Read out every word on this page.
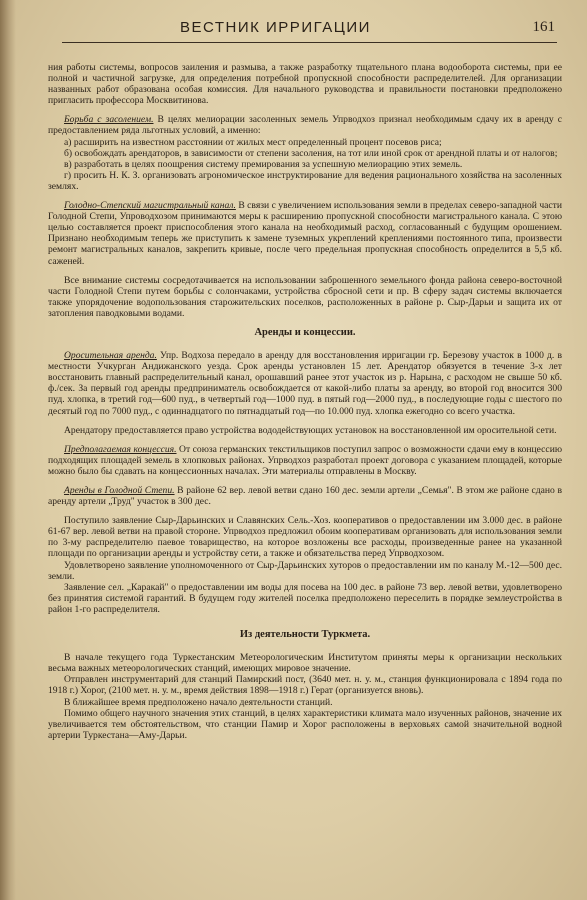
ВЕСТНИК ИРРИГАЦИИ	161

ния работы системы, вопросов заиления и размыва, а также разработку тщательного плана водооборота системы, при ее полной и частичной загрузке, для определения потребной пропускной способности распределителей. Для организации названных работ образована особая комиссия. Для начального руководства и правильности постановки предположено пригласить профессора Москвитинова.

Борьба с засолением. В целях мелиорации засоленных земель Упрводхоз признал необходимым сдачу их в аренду с предоставлением ряда льготных условий, а именно:

а) расширить на известном расстоянии от жилых мест определенный процент посевов риса;

б) освобождать арендаторов, в зависимости от степени засоления, на тот или иной срок от арендной платы и от налогов;

в) разработать в целях поощрения систему премирования за успешную мелиорацию этих земель.

г) просить Н. К. З. организовать агрономическое инструктирование для ведения рационального хозяйства на засоленных землях.

Голодно-Степский магистральный канал. В связи с увеличением использования земли в пределах северо-западной части Голодной Степи, Упроводхозом принимаются меры к расширению пропускной способности магистрального канала. С этою целью составляется проект приспособления этого канала на необходимый расход, согласованный с будущим орошением. Признано необходимым теперь же приступить к замене туземных укреплений креплениями постоянного типа, произвести ремонт магистральных каналов, закрепить кривые, после чего предельная пропускная способность определится в 5,5 кб. саженей.

Все внимание системы сосредотачивается на использовании заброшенного земельного фонда района северо-восточной части Голодной Степи путем борьбы с солончаками, устройства сбросной сети и пр. В сферу задач системы включается также упорядочение водопользования старожительских поселков, расположенных в районе р. Сыр-Дарьи и защита их от затопления паводковыми водами.

Аренды и концессии.

Оросительная аренда. Упр. Водхоза передало в аренду для восстановления ирригации гр. Березову участок в 1000 д. в местности Учкурган Андижанского уезда. Срок аренды установлен 15 лет. Арендатор обязуется в течение 3-х лет восстановить главный распределительный канал, орошавший ранее этот участок из р. Нарына, с расходом не свыше 50 кб. ф./сек. За первый год аренды предприниматель освобождается от какой-либо платы за аренду, во второй год вносится 300 пуд. хлопка, в третий год—600 пуд., в четвертый год—1000 пуд. в пятый год—2000 пуд., в последующие годы с шестого по десятый год по 7000 пуд., с одиннадцатого по пятнадцатый год—по 10.000 пуд. хлопка ежегодно со всего участка.

Арендатору предоставляется право устройства вододействующих установок на восстановленной им оросительной сети.

Предполагаемая концессия. От союза германских текстильщиков поступил запрос о возможности сдачи ему в концессию подходящих площадей земель в хлопковых районах. Упрводхоз разработал проект договора с указанием площадей, которые можно было бы сдавать на концессионных началах. Эти материалы отправлены в Москву.

Аренды в Голодной Степи. В районе 62 вер. левой ветви сдано 160 дес. земли артели „Семья". В этом же районе сдано в аренду артели „Труд" участок в 300 дес.

Поступило заявление Сыр-Дарьинских и Славянских Сель.-Хоз. кооперативов о предоставлении им 3.000 дес. в районе 61-67 вер. левой ветви на правой стороне. Упрводхоз предложил обоим кооперативам организовать для использования земли по 3-му распределителю паевое товарищество, на которое возложены все расходы, произведенные ранее на указанной площади по организации аренды и устройству сети, а также и обязательства перед Упрводхозом.

Удовлетворено заявление уполномоченного от Сыр-Дарьинских хуторов о предоставлении им по каналу М.-12—500 дес. земли.

Заявление сел. „Каракай" о предоставлении им воды для посева на 100 дес. в районе 73 вер. левой ветви, удовлетворено без принятия системой гарантий. В будущем году жителей поселка предположено переселить в порядке землеустройства в район 1-го распределителя.

Из деятельности Туркмета.

В начале текущего года Туркестанским Метеорологическим Институтом приняты меры к организации нескольких весьма важных метеорологических станций, имеющих мировое значение.

Отправлен инструментарий для станций Памирский пост, (3640 мет. н. у. м., станция функционировала с 1894 года по 1918 г.) Хорог, (2100 мет. н. у. м., время действия 1898—1918 г.) Герат (организуется вновь).

В ближайшее время предположено начало деятельности станций.

Помимо общего научного значения этих станций, в целях характеристики климата мало изученных районов, значение их увеличивается тем обстоятельством, что станции Памир и Хорог расположены в верховьях самой значительной водной артерии Туркестана—Аму-Дарьи.
